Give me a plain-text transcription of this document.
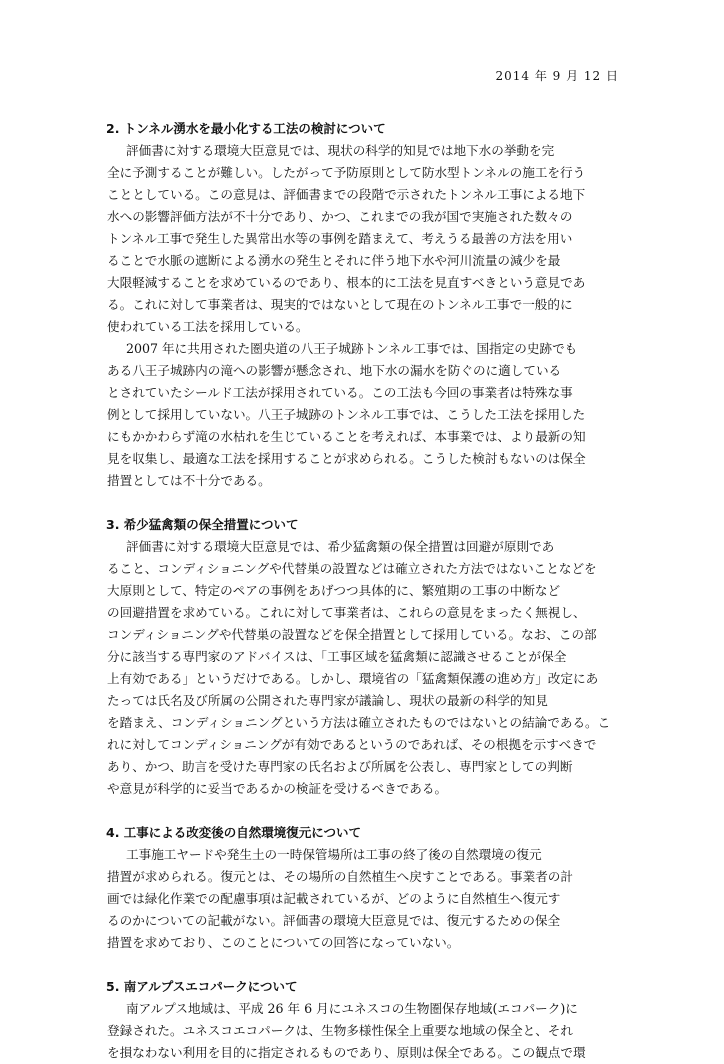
2014 年 9 月 12 日
2. トンネル湧水を最小化する工法の検討について
評価書に対する環境大臣意見では、現状の科学的知見では地下水の挙動を完
全に予測することが難しい。したがって予防原則として防水型トンネルの施工を行う
こととしている。この意見は、評価書までの段階で示されたトンネル工事による地下
水への影響評価方法が不十分であり、かつ、これまでの我が国で実施された数々の
トンネル工事で発生した異常出水等の事例を踏まえて、考えうる最善の方法を用い
ることで水脈の遮断による湧水の発生とそれに伴う地下水や河川流量の減少を最
大限軽減することを求めているのであり、根本的に工法を見直すべきという意見であ
る。これに対して事業者は、現実的ではないとして現在のトンネル工事で一般的に
使われている工法を採用している。
2007 年に共用された圏央道の八王子城跡トンネル工事では、国指定の史跡でも
ある八王子城跡内の滝への影響が懸念され、地下水の漏水を防ぐのに適している
とされていたシールド工法が採用されている。この工法も今回の事業者は特殊な事
例として採用していない。八王子城跡のトンネル工事では、こうした工法を採用した
にもかかわらず滝の水枯れを生じていることを考えれば、本事業では、より最新の知
見を収集し、最適な工法を採用することが求められる。こうした検討もないのは保全
措置としては不十分である。
3. 希少猛禽類の保全措置について
評価書に対する環境大臣意見では、希少猛禽類の保全措置は回避が原則であ
ること、コンディショニングや代替巣の設置などは確立された方法ではないことなどを
大原則として、特定のペアの事例をあげつつ具体的に、繁殖期の工事の中断など
の回避措置を求めている。これに対して事業者は、これらの意見をまったく無視し、
コンディショニングや代替巣の設置などを保全措置として採用している。なお、この部
分に該当する専門家のアドバイスは、「工事区域を猛禽類に認識させることが保全
上有効である」というだけである。しかし、環境省の「猛禽類保護の進め方」改定にあ
たっては氏名及び所属の公開された専門家が議論し、現状の最新の科学的知見
を踏まえ、コンディショニングという方法は確立されたものではないとの結論である。こ
れに対してコンディショニングが有効であるというのであれば、その根拠を示すべきで
あり、かつ、助言を受けた専門家の氏名および所属を公表し、専門家としての判断
や意見が科学的に妥当であるかの検証を受けるべきである。
4. 工事による改変後の自然環境復元について
工事施工ヤードや発生土の一時保管場所は工事の終了後の自然環境の復元
措置が求められる。復元とは、その場所の自然植生へ戻すことである。事業者の計
画では緑化作業での配慮事項は記載されているが、どのように自然植生へ復元す
るのかについての記載がない。評価書の環境大臣意見では、復元するための保全
措置を求めており、このことについての回答になっていない。
5. 南アルプスエコパークについて
南アルプス地域は、平成 26 年 6 月にユネスコの生物圏保存地域(エコパーク)に
登録された。ユネスコエコパークは、生物多様性保全上重要な地域の保全と、それ
を損なわない利用を目的に指定されるものであり、原則は保全である。この観点で環
